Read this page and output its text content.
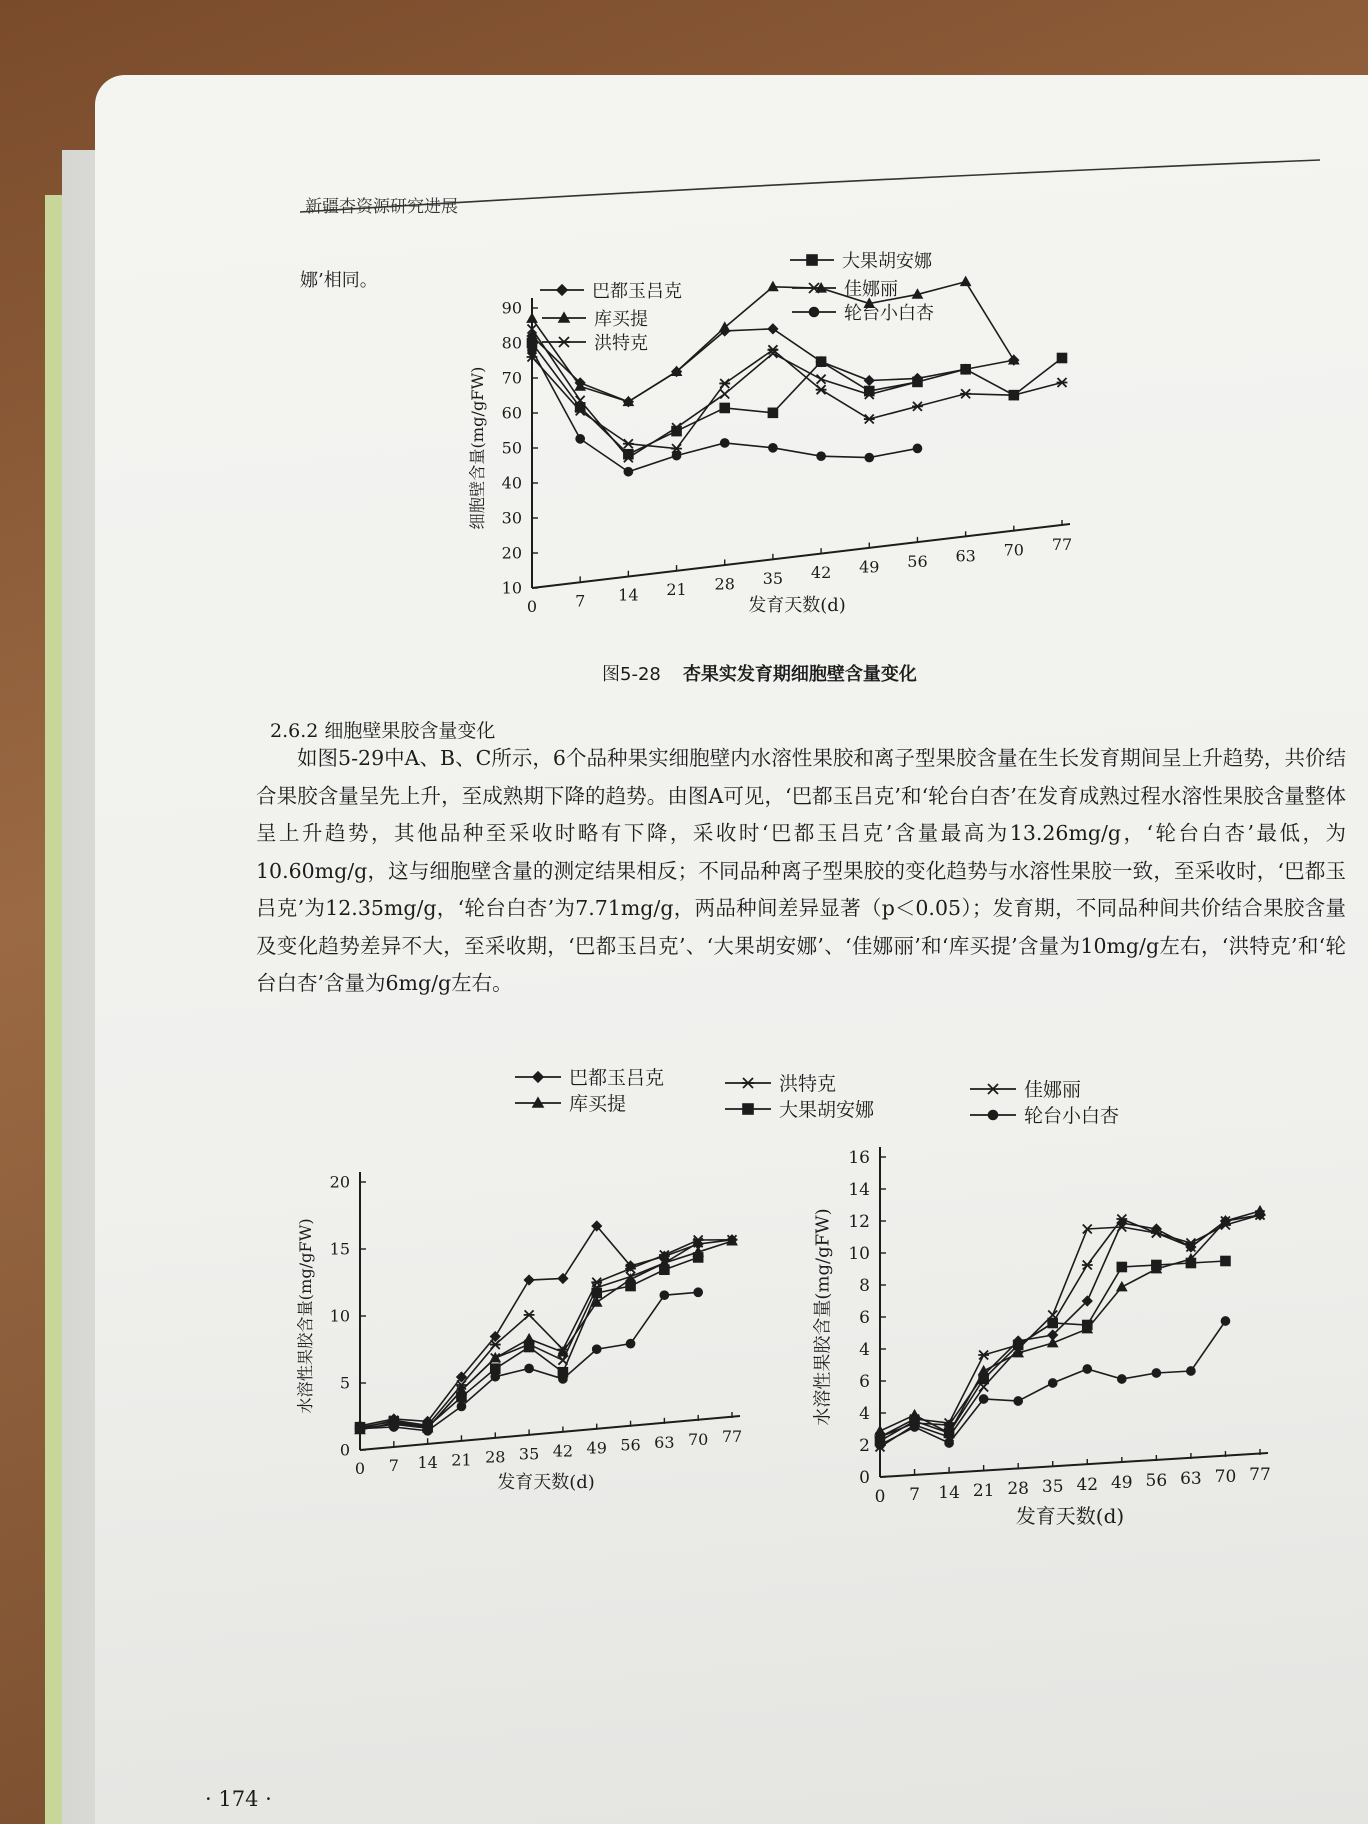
新疆杏资源研究进展
娜’相同。
10
20
30
40
50
60
70
80
90
0 7 14 21 28 35 42 49 56 63 70 77
发育天数(d)
细胞壁含量(mg/gFW)
巴都玉吕克
库买提
洪特克
大果胡安娜
佳娜丽
轮台小白杏
图5-28 杏果实发育期细胞壁含量变化
2.6.2 细胞壁果胶含量变化

如图5-29中A、B、C所示，6个品种果实细胞壁内水溶性果胶和离子型果胶含量在生长发育期间呈上升趋势，共价结合果胶含量呈先上升，至成熟期下降的趋势。由图A可见，‘巴都玉吕克’和‘轮台白杏’在发育成熟过程水溶性果胶含量整体呈上升趋势，其他品种至采收时略有下降，采收时‘巴都玉吕克’含量最高为13.26mg/g，‘轮台白杏’最低，为10.60mg/g，这与细胞壁含量的测定结果相反；不同品种离子型果胶的变化趋势与水溶性果胶一致，至采收时，‘巴都玉吕克’为12.35mg/g，‘轮台白杏’为7.71mg/g，两品种间差异显著（p＜0.05）；发育期，不同品种间共价结合果胶含量及变化趋势差异不大，至采收期，‘巴都玉吕克’、‘大果胡安娜’、‘佳娜丽’和‘库买提’含量为10mg/g左右，‘洪特克’和‘轮台白杏’含量为6mg/g左右。

巴都玉吕克
库买提
洪特克
大果胡安娜
佳娜丽
轮台小白杏
0
5
10
15
20
0 7 14 21 28 35 42 49 56 63 70 77
发育天数(d)
水溶性果胶含量(mg/gFW)
0
2
4
6
4
6
8
10
12
14
16
0 7 14 21 28 35 42 49 56 63 70 77
发育天数(d)
水溶性果胶含量(mg/gFW)
· 174 ·
